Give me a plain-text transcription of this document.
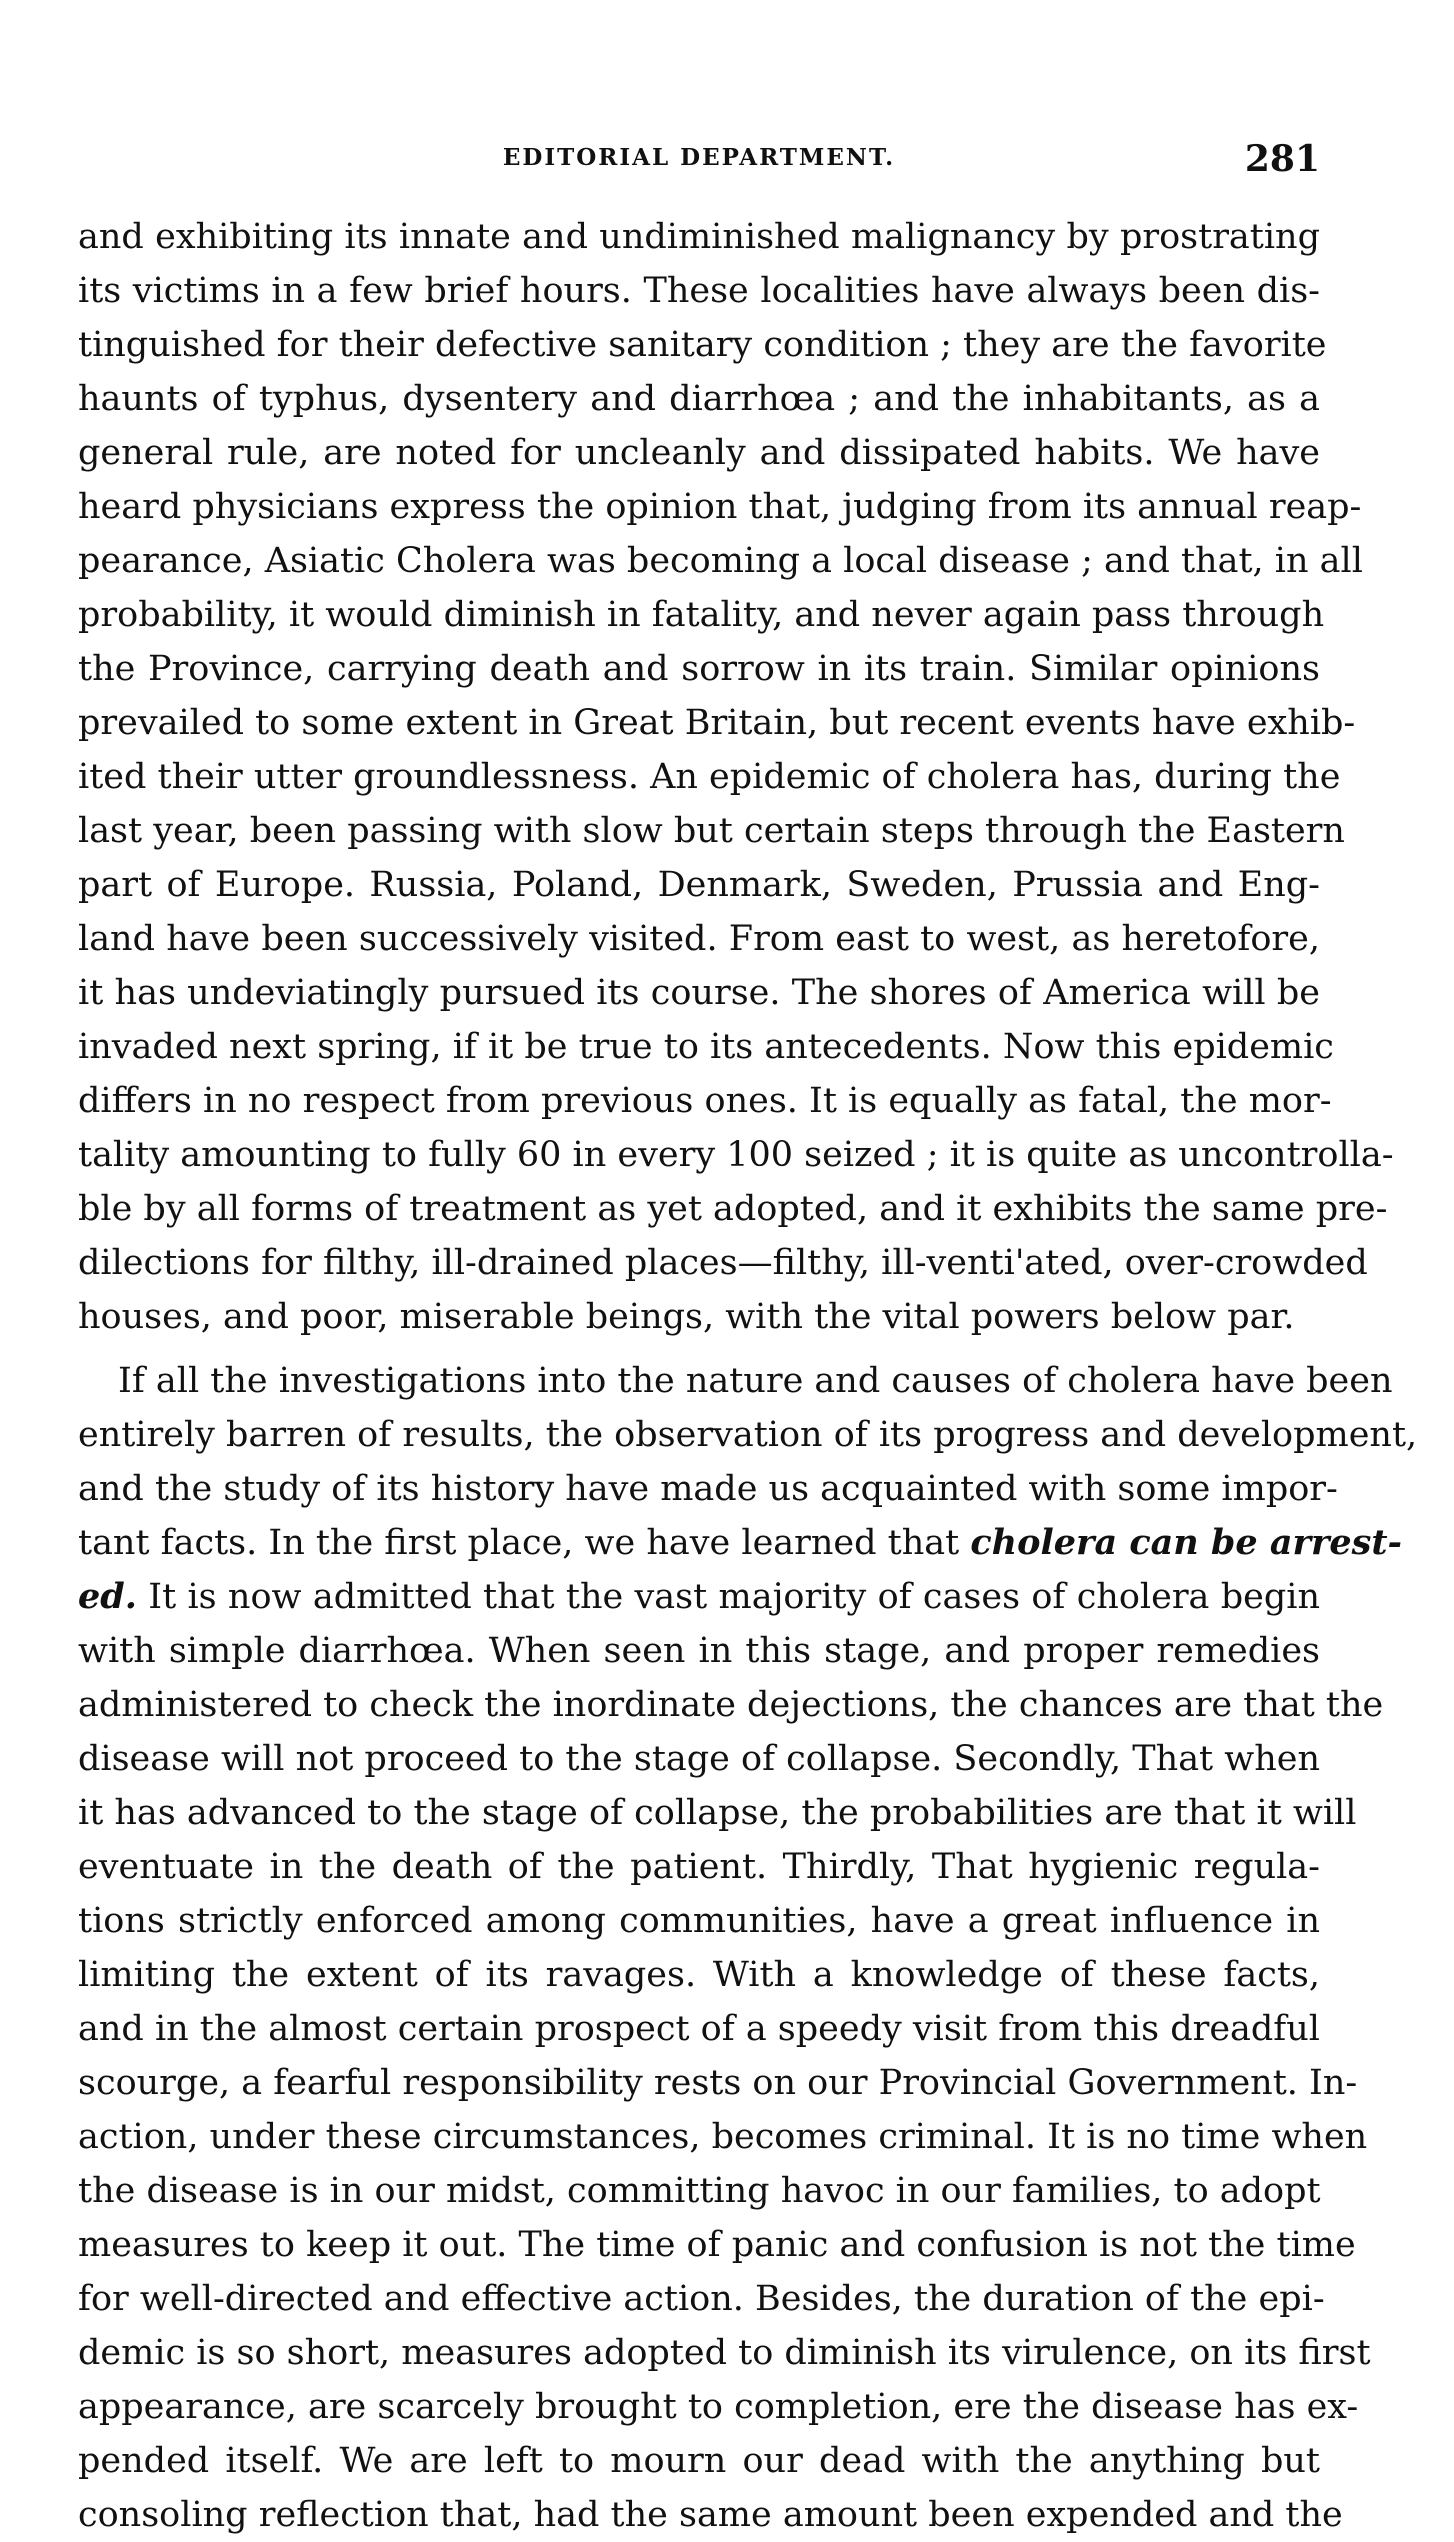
EDITORIAL DEPARTMENT.	281
and exhibiting its innate and undiminished malignancy by prostrating
its victims in a few brief hours. These localities have always been dis-
tinguished for their defective sanitary condition ; they are the favorite
haunts of typhus, dysentery and diarrhœa ; and the inhabitants, as a
general rule, are noted for uncleanly and dissipated habits. We have
heard physicians express the opinion that, judging from its annual reap-
pearance, Asiatic Cholera was becoming a local disease ; and that, in all
probability, it would diminish in fatality, and never again pass through
the Province, carrying death and sorrow in its train. Similar opinions
prevailed to some extent in Great Britain, but recent events have exhib-
ited their utter groundlessness. An epidemic of cholera has, during the
last year, been passing with slow but certain steps through the Eastern
part of Europe. Russia, Poland, Denmark, Sweden, Prussia and Eng-
land have been successively visited. From east to west, as heretofore,
it has undeviatingly pursued its course. The shores of America will be
invaded next spring, if it be true to its antecedents. Now this epidemic
differs in no respect from previous ones. It is equally as fatal, the mor-
tality amounting to fully 60 in every 100 seized ; it is quite as uncontrolla-
ble by all forms of treatment as yet adopted, and it exhibits the same pre-
dilections for filthy, ill-drained places—filthy, ill-venti'ated, over-crowded
houses, and poor, miserable beings, with the vital powers below par.
If all the investigations into the nature and causes of cholera have been
entirely barren of results, the observation of its progress and development,
and the study of its history have made us acquainted with some impor-
tant facts. In the first place, we have learned that cholera can be arrest-
ed. It is now admitted that the vast majority of cases of cholera begin
with simple diarrhœa. When seen in this stage, and proper remedies
administered to check the inordinate dejections, the chances are that the
disease will not proceed to the stage of collapse. Secondly, That when
it has advanced to the stage of collapse, the probabilities are that it will
eventuate in the death of the patient. Thirdly, That hygienic regula-
tions strictly enforced among communities, have a great influence in
limiting the extent of its ravages. With a knowledge of these facts,
and in the almost certain prospect of a speedy visit from this dreadful
scourge, a fearful responsibility rests on our Provincial Government. In-
action, under these circumstances, becomes criminal. It is no time when
the disease is in our midst, committing havoc in our families, to adopt
measures to keep it out. The time of panic and confusion is not the time
for well-directed and effective action. Besides, the duration of the epi-
demic is so short, measures adopted to diminish its virulence, on its first
appearance, are scarcely brought to completion, ere the disease has ex-
pended itself. We are left to mourn our dead with the anything but
consoling reflection that, had the same amount been expended and the
